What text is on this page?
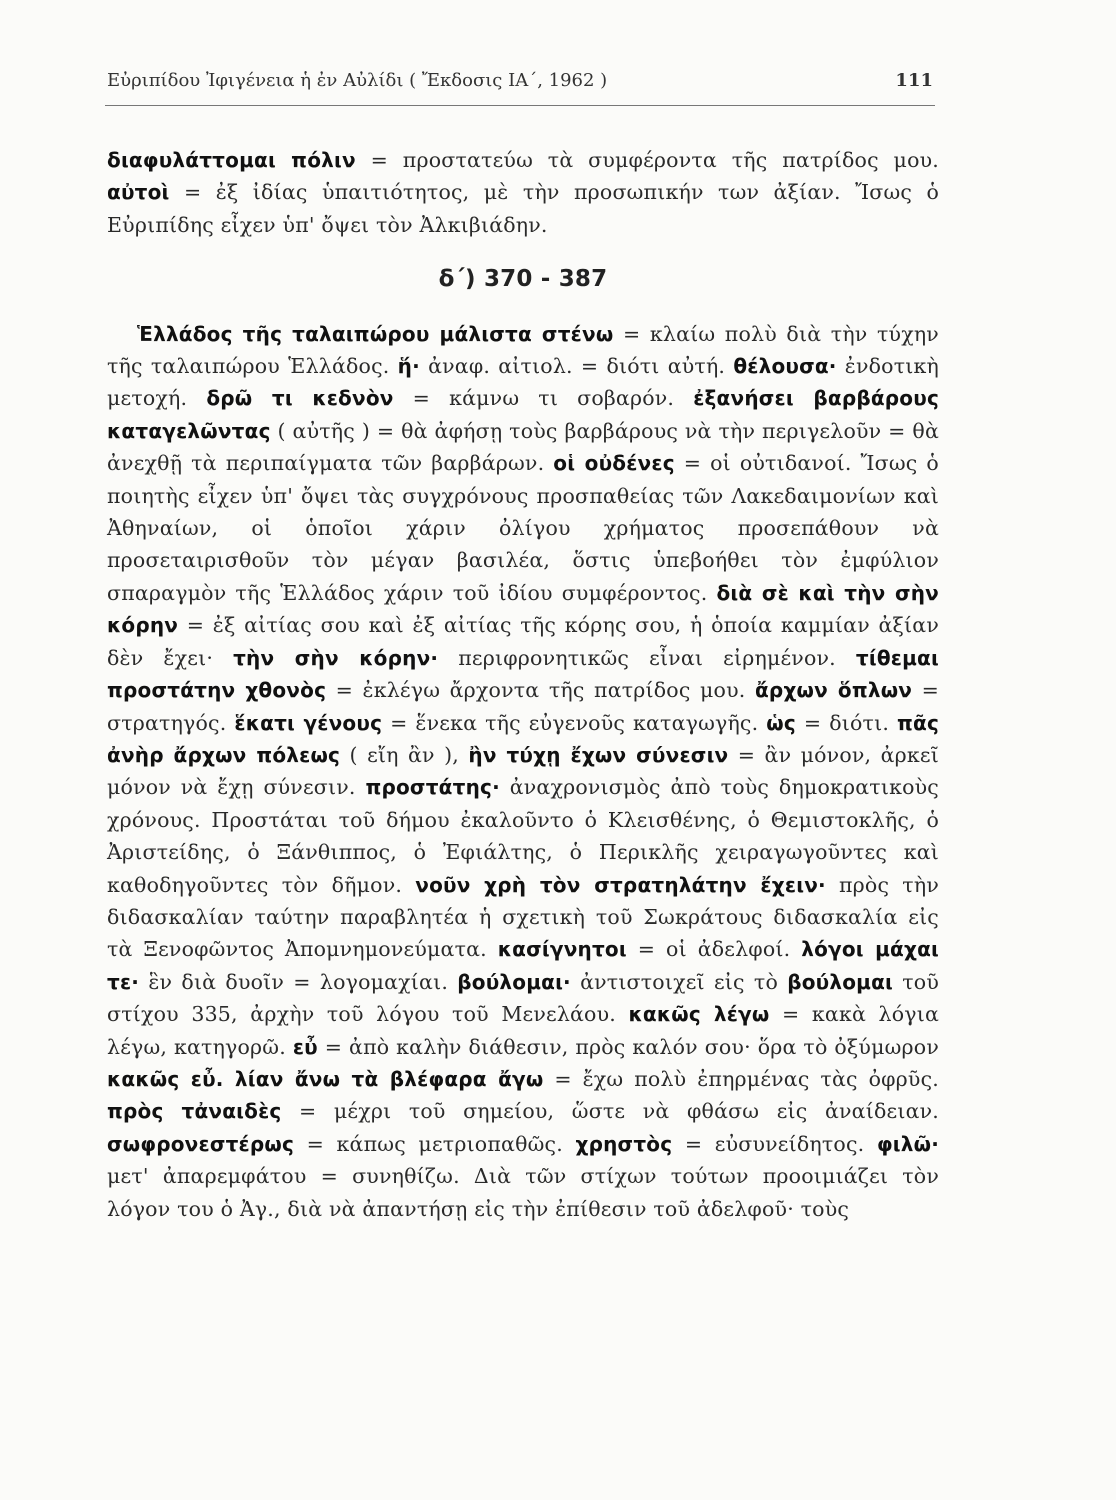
Εὐριπίδου Ἰφιγένεια ἡ ἐν Αὐλίδι ( Ἔκδοσις ΙΑ΄, 1962 )	111

διαφυλάττομαι πόλιν = προστατεύω τὰ συμφέροντα τῆς πατρίδος μου. αὐτοὶ = ἐξ ἰδίας ὑπαιτιότητος, μὲ τὴν προσωπικήν των ἀξίαν. Ἴσως ὁ Εὐριπίδης εἶχεν ὑπ' ὄψει τὸν Ἀλκιβιάδην.

δ΄) 370 - 387

Ἑλλάδος τῆς ταλαιπώρου μάλιστα στένω = κλαίω πολὺ διὰ τὴν τύχην τῆς ταλαιπώρου Ἑλλάδος. ἥ· ἀναφ. αἰτιολ. = διότι αὐτή. θέλουσα· ἐνδοτικὴ μετοχή. δρῶ τι κεδνὸν = κάμνω τι σοβαρόν. ἐξανήσει βαρβάρους καταγελῶντας ( αὐτῆς ) = θὰ ἀφήσῃ τοὺς βαρβάρους νὰ τὴν περιγελοῦν = θὰ ἀνεχθῇ τὰ περιπαίγματα τῶν βαρβάρων. οἱ οὐδένες = οἱ οὐτιδανοί. Ἴσως ὁ ποιητὴς εἶχεν ὑπ' ὄψει τὰς συγχρόνους προσπαθείας τῶν Λακεδαιμονίων καὶ Ἀθηναίων, οἱ ὁποῖοι χάριν ὀλίγου χρήματος προσεπάθουν νὰ προσεταιρισθοῦν τὸν μέγαν βασιλέα, ὅστις ὑπεβοήθει τὸν ἐμφύλιον σπαραγμὸν τῆς Ἑλλάδος χάριν τοῦ ἰδίου συμφέροντος. διὰ σὲ καὶ τὴν σὴν κόρην = ἐξ αἰτίας σου καὶ ἐξ αἰτίας τῆς κόρης σου, ἡ ὁποία καμμίαν ἀξίαν δὲν ἔχει· τὴν σὴν κόρην· περιφρονητικῶς εἶναι εἰρημένον. τίθεμαι προστάτην χθονὸς = ἐκλέγω ἄρχοντα τῆς πατρίδος μου. ἄρχων ὅπλων = στρατηγός. ἕκατι γένους = ἕνεκα τῆς εὐγενοῦς καταγωγῆς. ὡς = διότι. πᾶς ἀνὴρ ἄρχων πόλεως ( εἴη ἂν ), ἢν τύχῃ ἔχων σύνεσιν = ἂν μόνον, ἀρκεῖ μόνον νὰ ἔχῃ σύνεσιν. προστάτης· ἀναχρονισμὸς ἀπὸ τοὺς δημοκρατικοὺς χρόνους. Προστάται τοῦ δήμου ἐκαλοῦντο ὁ Κλεισθένης, ὁ Θεμιστοκλῆς, ὁ Ἀριστείδης, ὁ Ξάνθιππος, ὁ Ἐφιάλτης, ὁ Περικλῆς χειραγωγοῦντες καὶ καθοδηγοῦντες τὸν δῆμον. νοῦν χρὴ τὸν στρατηλάτην ἔχειν· πρὸς τὴν διδασκαλίαν ταύτην παραβλητέα ἡ σχετικὴ τοῦ Σωκράτους διδασκαλία εἰς τὰ Ξενοφῶντος Ἀπομνημονεύματα. κασίγνητοι = οἱ ἀδελφοί. λόγοι μάχαι τε· ἓν διὰ δυοῖν = λογομαχίαι. βούλομαι· ἀντιστοιχεῖ εἰς τὸ βούλομαι τοῦ στίχου 335, ἀρχὴν τοῦ λόγου τοῦ Μενελάου. κακῶς λέγω = κακὰ λόγια λέγω, κατηγορῶ. εὖ = ἀπὸ καλὴν διάθεσιν, πρὸς καλόν σου· ὅρα τὸ ὀξύμωρον κακῶς εὖ. λίαν ἄνω τὰ βλέφαρα ἄγω = ἔχω πολὺ ἐπηρμένας τὰς ὀφρῦς. πρὸς τἀναιδὲς = μέχρι τοῦ σημείου, ὥστε νὰ φθάσω εἰς ἀναίδειαν. σωφρονεστέρως = κάπως μετριοπαθῶς. χρηστὸς = εὐσυνείδητος. φιλῶ· μετ' ἀπαρεμφάτου = συνηθίζω. Διὰ τῶν στίχων τούτων προοιμιάζει τὸν λόγον του ὁ Ἀγ., διὰ νὰ ἀπαντήσῃ εἰς τὴν ἐπίθεσιν τοῦ ἀδελφοῦ· τοὺς
